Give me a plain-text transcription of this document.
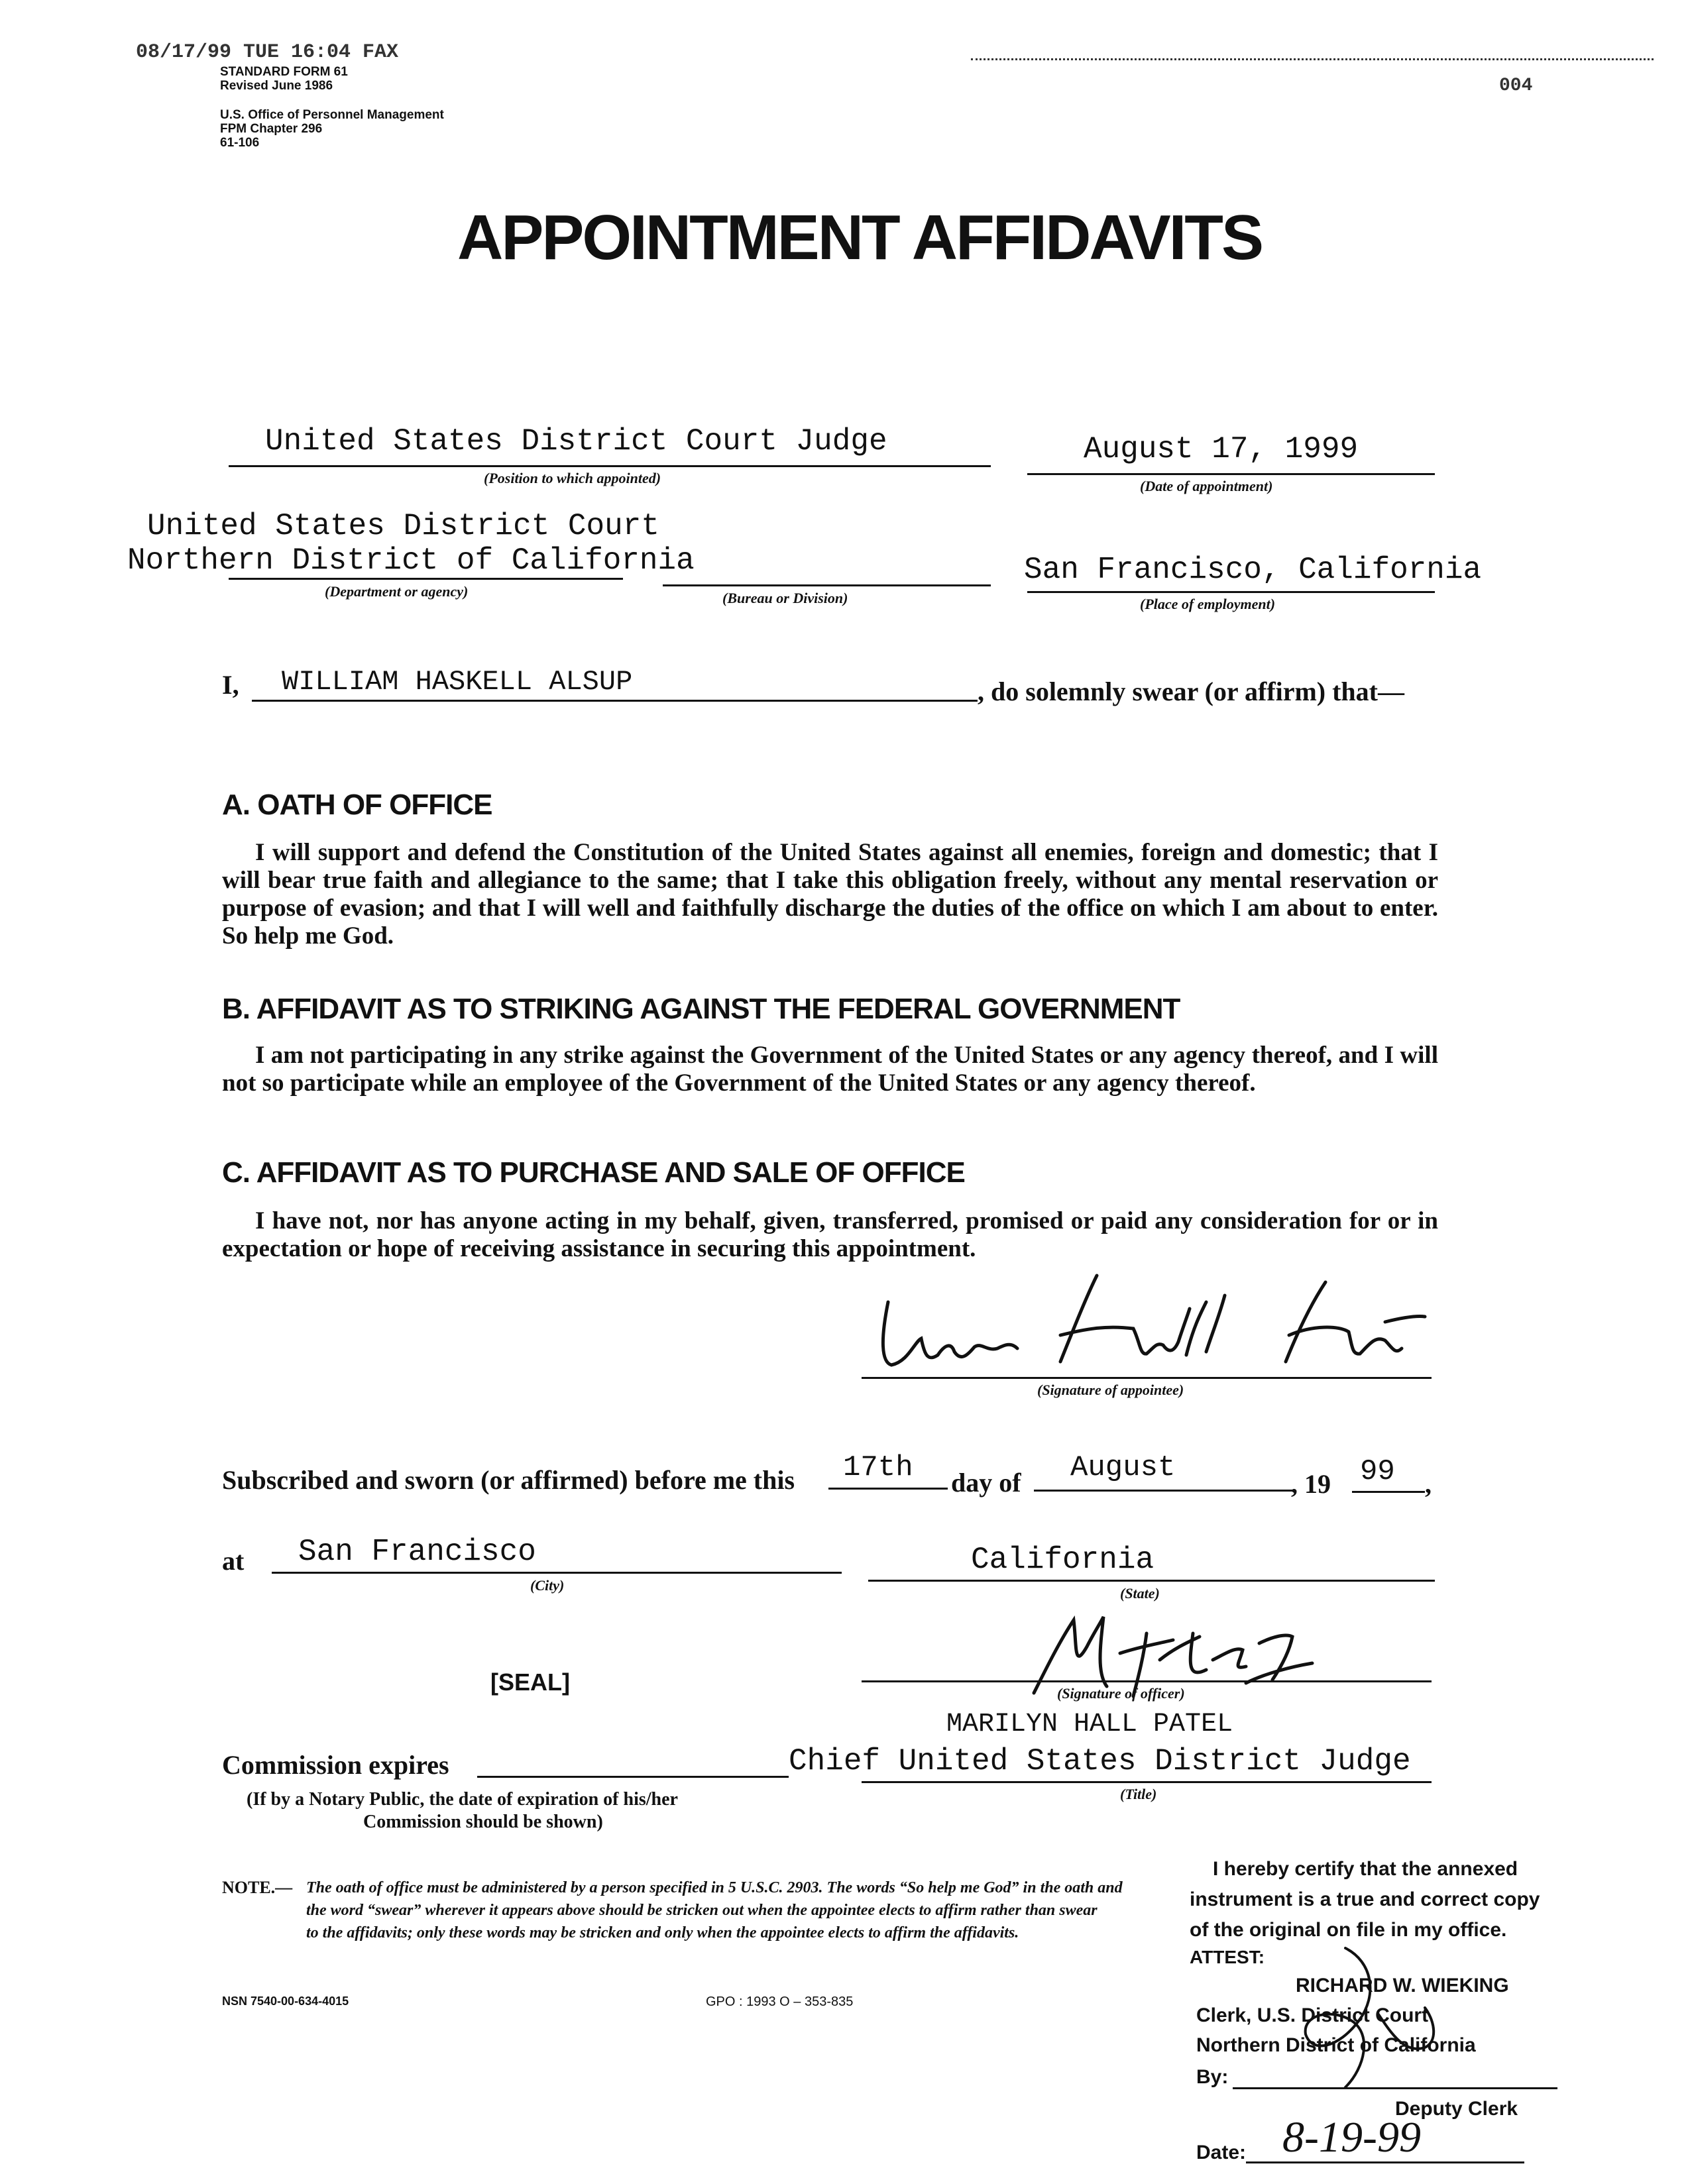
08/17/99 TUE 16:04 FAX
004
STANDARD FORM 61
Revised June 1986
U.S. Office of Personnel Management
FPM Chapter 296
61-106
APPOINTMENT AFFIDAVITS
United States District Court Judge
(Position to which appointed)
August 17, 1999
(Date of appointment)
United States District Court
Northern District of California
(Department or agency)	(Bureau or Division)
San Francisco, California
(Place of employment)
I, WILLIAM HASKELL ALSUP	, do solemnly swear (or affirm) that—
A. OATH OF OFFICE
I will support and defend the Constitution of the United States against all enemies, foreign and domestic; that I will bear true faith and allegiance to the same; that I take this obligation freely, without any mental reservation or purpose of evasion; and that I will well and faithfully discharge the duties of the office on which I am about to enter. So help me God.
B. AFFIDAVIT AS TO STRIKING AGAINST THE FEDERAL GOVERNMENT
I am not participating in any strike against the Government of the United States or any agency thereof, and I will not so participate while an employee of the Government of the United States or any agency thereof.
C. AFFIDAVIT AS TO PURCHASE AND SALE OF OFFICE
I have not, nor has anyone acting in my behalf, given, transferred, promised or paid any consideration for or in expectation or hope of receiving assistance in securing this appointment.
(Signature of appointee)
Subscribed and sworn (or affirmed) before me this 17th day of August	, 19 99 ,
at San Francisco
(City)
California
(State)
[SEAL]	(Signature of officer)
MARILYN HALL PATEL
Chief United States District Judge
(Title)
Commission expires
(If by a Notary Public, the date of expiration of his/her
Commission should be shown)
I hereby certify that the annexed
instrument is a true and correct copy
of the original on file in my office.
ATTEST:
RICHARD W. WIEKING
Clerk, U.S. District Court
Northern District of California
By:
Deputy Clerk
Date: 8-19-99
NOTE.— The oath of office must be administered by a person specified in 5 U.S.C. 2903. The words “So help me God” in the oath and
the word “swear” wherever it appears above should be stricken out when the appointee elects to affirm rather than swear
to the affidavits; only these words may be stricken and only when the appointee elects to affirm the affidavits.
NSN 7540-00-634-4015	GPO : 1993 O – 353-835
